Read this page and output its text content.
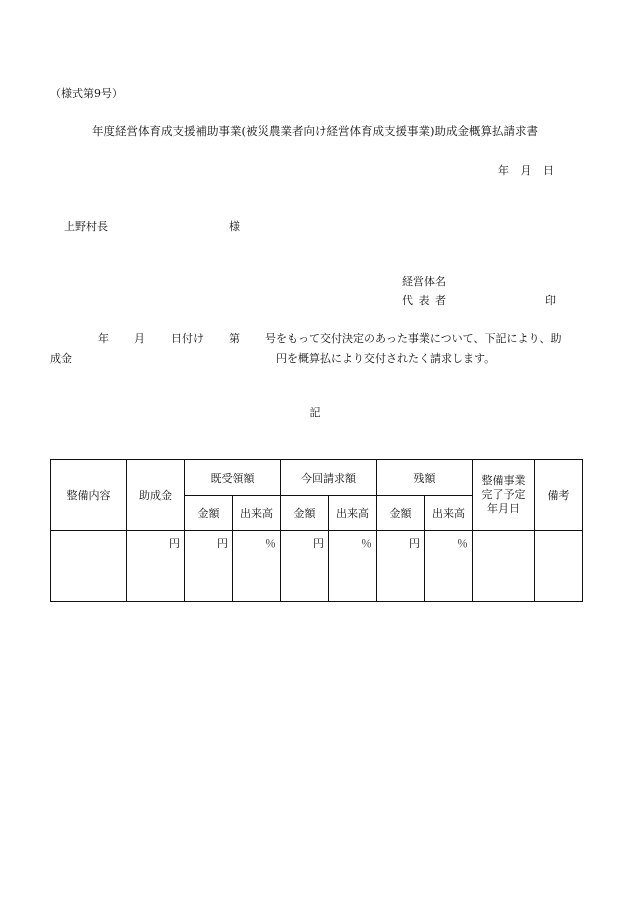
（様式第9号）
年度経営体育成支援補助事業(被災農業者向け経営体育成支援事業)助成金概算払請求書
年 月 日
上野村長	様
経営体名
代 表 者	印
年 月 日付け 第 号をもって交付決定のあった事業について、下記により、助
成金	円を概算払により交付されたく請求します。
記
整備内容	助成金	既受領額		今回請求額		残額		整備事業
完了予定
年月日	備考
		金額	出来高	金額	出来高	金額	出来高		
	円	円	％	円	％	円	％		
